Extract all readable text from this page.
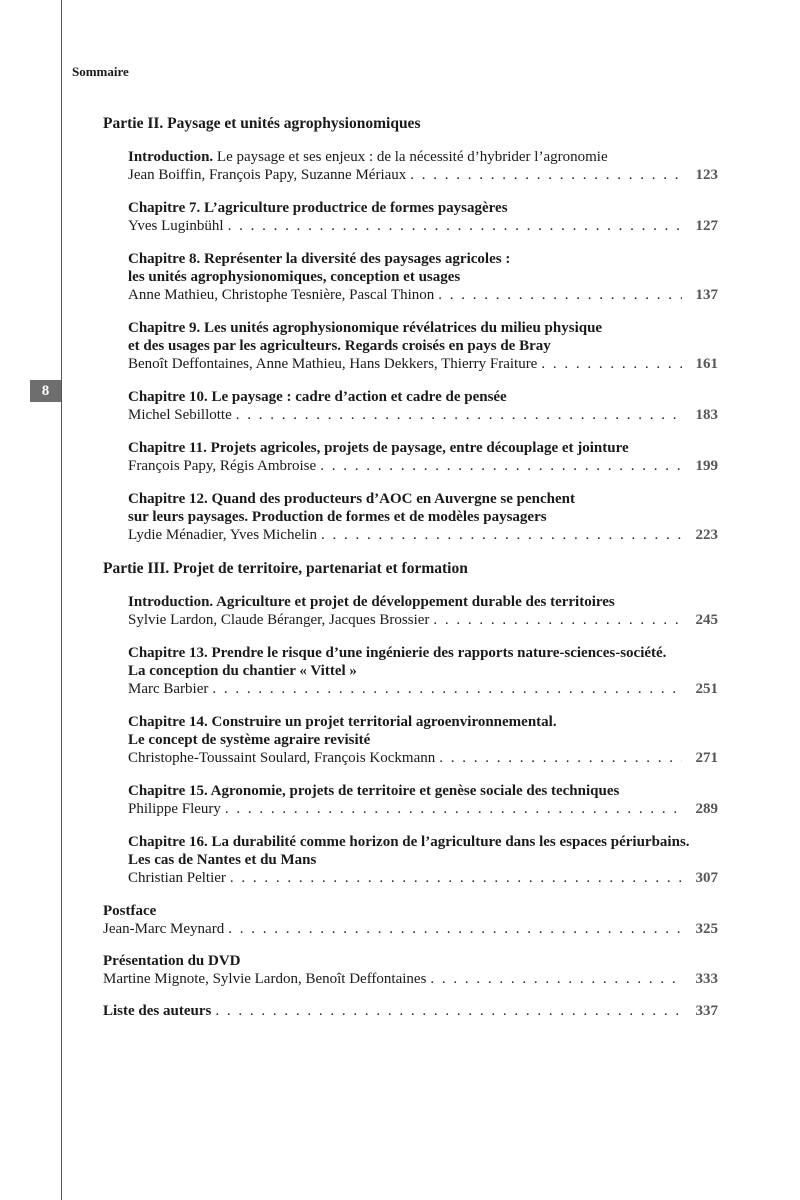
8
Sommaire
Partie II. Paysage et unités agrophysionomiques
Introduction. Le paysage et ses enjeux : de la nécessité d’hybrider l’agronomie
Jean Boiffin, François Papy, Suzanne Mériaux . . .	123
Chapitre 7. L’agriculture productrice de formes paysagères
Yves Luginbühl . . .	127
Chapitre 8. Représenter la diversité des paysages agricoles :
les unités agrophysionomiques, conception et usages
Anne Mathieu, Christophe Tesnière, Pascal Thinon . . .	137
Chapitre 9. Les unités agrophysionomique révélatrices du milieu physique
et des usages par les agriculteurs. Regards croisés en pays de Bray
Benoît Deffontaines, Anne Mathieu, Hans Dekkers, Thierry Fraiture . . .	161
Chapitre 10. Le paysage : cadre d’action et cadre de pensée
Michel Sebillotte . . .	183
Chapitre 11. Projets agricoles, projets de paysage, entre découplage et jointure
François Papy, Régis Ambroise . . .	199
Chapitre 12. Quand des producteurs d’AOC en Auvergne se penchent
sur leurs paysages. Production de formes et de modèles paysagers
Lydie Ménadier, Yves Michelin . . .	223
Partie III. Projet de territoire, partenariat et formation
Introduction. Agriculture et projet de développement durable des territoires
Sylvie Lardon, Claude Béranger, Jacques Brossier . . .	245
Chapitre 13. Prendre le risque d’une ingénierie des rapports nature-sciences-société.
La conception du chantier « Vittel »
Marc Barbier . . .	251
Chapitre 14. Construire un projet territorial agroenvironnemental.
Le concept de système agraire revisité
Christophe-Toussaint Soulard, François Kockmann . . .	271
Chapitre 15. Agronomie, projets de territoire et genèse sociale des techniques
Philippe Fleury . . .	289
Chapitre 16. La durabilité comme horizon de l’agriculture dans les espaces périurbains.
Les cas de Nantes et du Mans
Christian Peltier . . .	307
Postface
Jean-Marc Meynard . . .	325
Présentation du DVD
Martine Mignote, Sylvie Lardon, Benoît Deffontaines . . .	333
Liste des auteurs . . .	337
